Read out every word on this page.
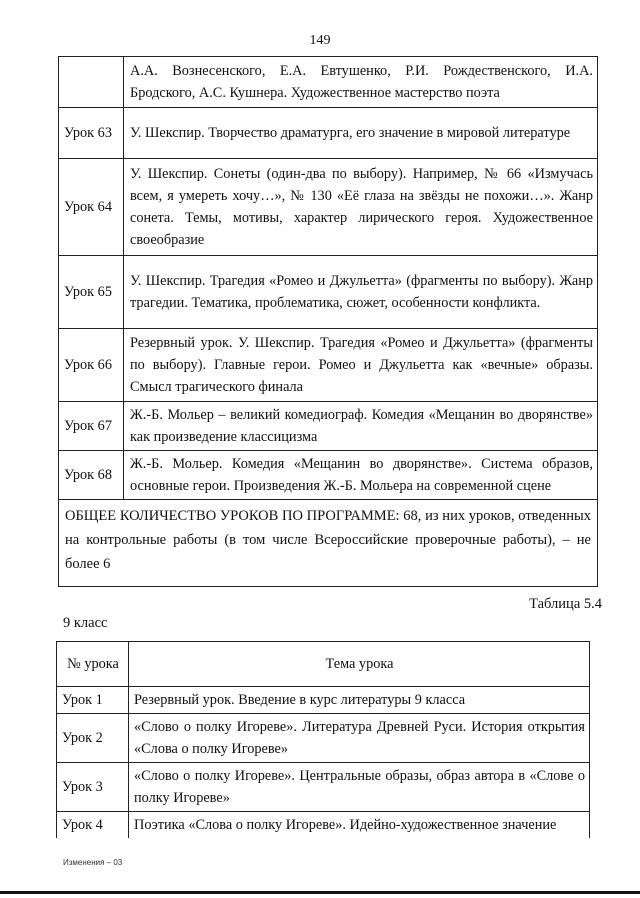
149
	А.А. Вознесенского, Е.А. Евтушенко, Р.И. Рождественского, И.А. Бродского, А.С. Кушнера. Художественное мастерство поэта
Урок 63	У. Шекспир. Творчество драматурга, его значение в мировой литературе
Урок 64	У. Шекспир. Сонеты (один-два по выбору). Например, № 66 «Измучась всем, я умереть хочу…», № 130 «Её глаза на звёзды не похожи…». Жанр сонета. Темы, мотивы, характер лирического героя. Художественное своеобразие
Урок 65	У. Шекспир. Трагедия «Ромео и Джульетта» (фрагменты по выбору). Жанр трагедии. Тематика, проблематика, сюжет, особенности конфликта.
Урок 66	Резервный урок. У. Шекспир. Трагедия «Ромео и Джульетта» (фрагменты по выбору). Главные герои. Ромео и Джульетта как «вечные» образы. Смысл трагического финала
Урок 67	Ж.-Б. Мольер – великий комедиограф. Комедия «Мещанин во дворянстве» как произведение классицизма
Урок 68	Ж.-Б. Мольер. Комедия «Мещанин во дворянстве». Система образов, основные герои. Произведения Ж.-Б. Мольера на современной сцене
ОБЩЕЕ КОЛИЧЕСТВО УРОКОВ ПО ПРОГРАММЕ: 68, из них уроков, отведенных на контрольные работы (в том числе Всероссийские проверочные работы), – не более 6	
Таблица 5.4
9 класс
№ урока	Тема урока
Урок 1	Резервный урок. Введение в курс литературы 9 класса
Урок 2	«Слово о полку Игореве». Литература Древней Руси. История открытия «Слова о полку Игореве»
Урок 3	«Слово о полку Игореве». Центральные образы, образ автора в «Слове о полку Игореве»
Урок 4	Поэтика «Слова о полку Игореве». Идейно-художественное значение
Изменения – 03
